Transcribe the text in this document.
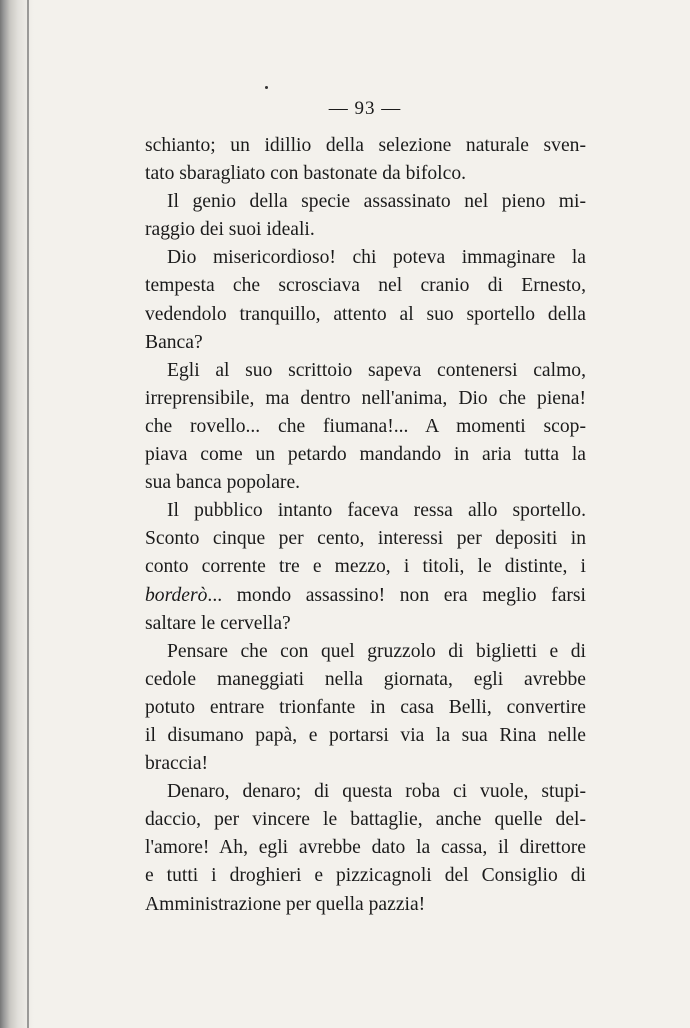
— 93 —
schianto; un idillio della selezione naturale sven-
tato sbaragliato con bastonate da bifolco.
Il genio della specie assassinato nel pieno mi-
raggio dei suoi ideali.
Dio misericordioso! chi poteva immaginare la
tempesta che scrosciava nel cranio di Ernesto,
vedendolo tranquillo, attento al suo sportello della
Banca?
Egli al suo scrittoio sapeva contenersi calmo,
irreprensibile, ma dentro nell'anima, Dio che piena!
che rovello... che fiumana!... A momenti scop-
piava come un petardo mandando in aria tutta la
sua banca popolare.
Il pubblico intanto faceva ressa allo sportello.
Sconto cinque per cento, interessi per depositi in
conto corrente tre e mezzo, i titoli, le distinte, i
borderò... mondo assassino! non era meglio farsi
saltare le cervella?
Pensare che con quel gruzzolo di biglietti e di
cedole maneggiati nella giornata, egli avrebbe
potuto entrare trionfante in casa Belli, convertire
il disumano papà, e portarsi via la sua Rina nelle
braccia!
Denaro, denaro; di questa roba ci vuole, stupi-
daccio, per vincere le battaglie, anche quelle del-
l'amore! Ah, egli avrebbe dato la cassa, il direttore
e tutti i droghieri e pizzicagnoli del Consiglio di
Amministrazione per quella pazzia!
